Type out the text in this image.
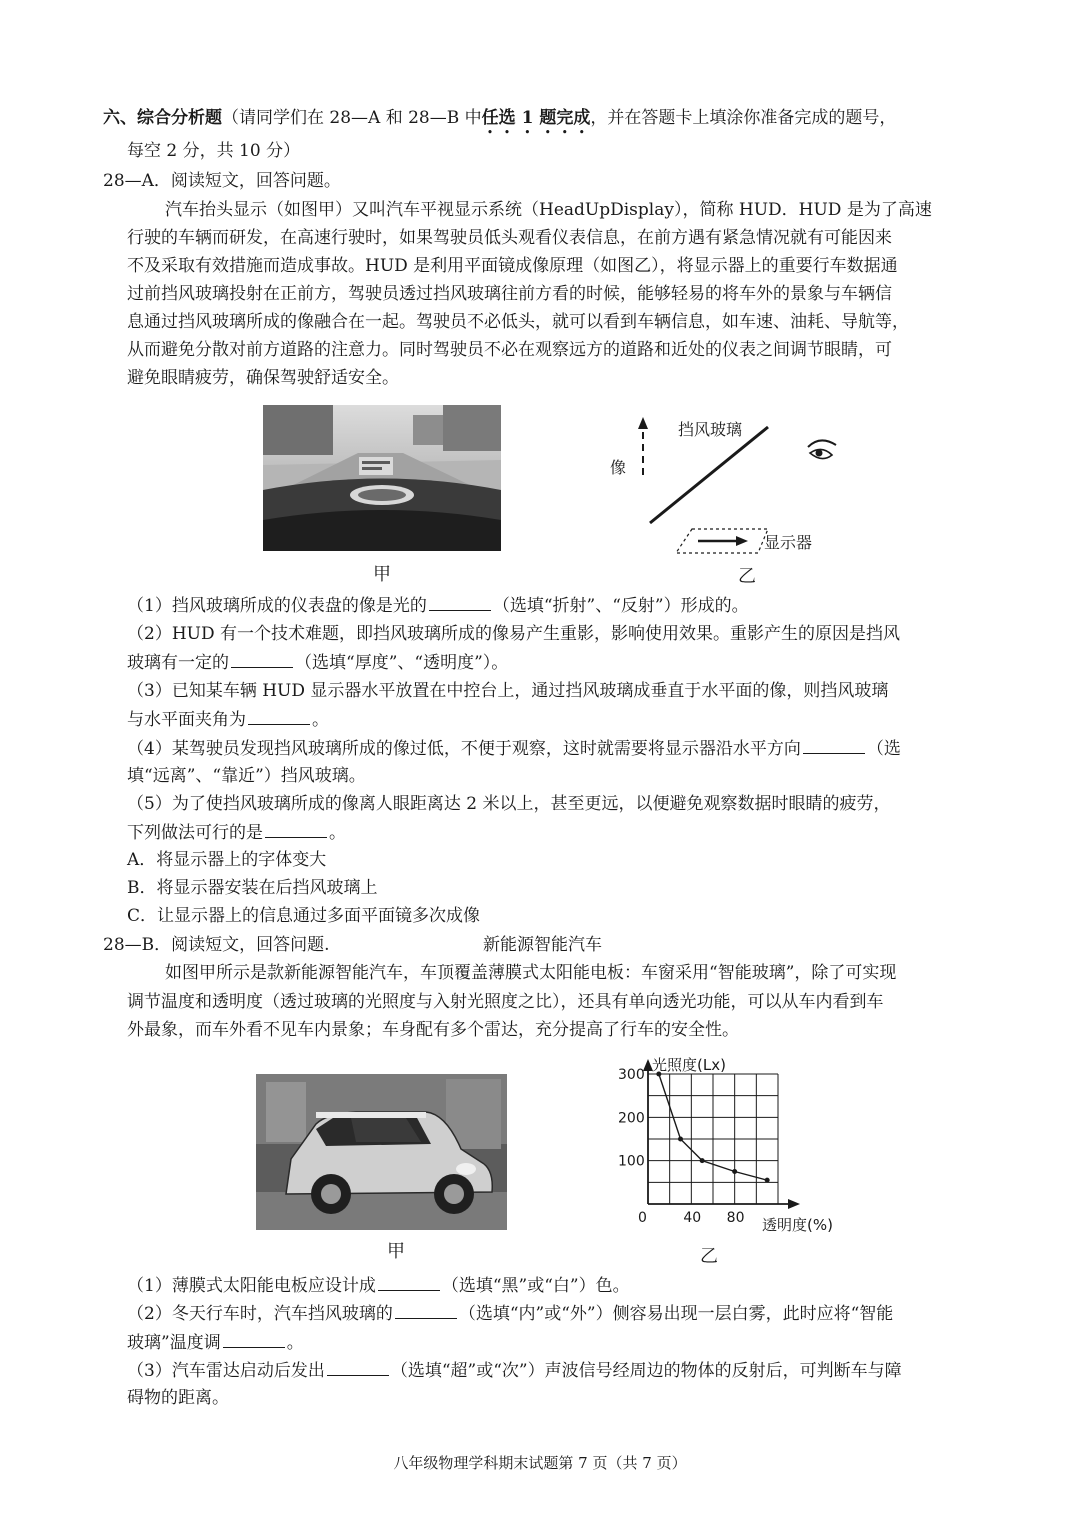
六、综合分析题（请同学们在 28—A 和 28—B 中任选 1 题完成，并在答题卡上填涂你准备完成的题号，
每空 2 分，共 10 分）
28—A．阅读短文，回答问题。
汽车抬头显示（如图甲）又叫汽车平视显示系统（HeadUpDisplay），简称 HUD．HUD 是为了高速
行驶的车辆而研发，在高速行驶时，如果驾驶员低头观看仪表信息，在前方遇有紧急情况就有可能因来
不及采取有效措施而造成事故。HUD 是利用平面镜成像原理（如图乙），将显示器上的重要行车数据通
过前挡风玻璃投射在正前方，驾驶员透过挡风玻璃往前方看的时候，能够轻易的将车外的景象与车辆信
息通过挡风玻璃所成的像融合在一起。驾驶员不必低头，就可以看到车辆信息，如车速、油耗、导航等，
从而避免分散对前方道路的注意力。同时驾驶员不必在观察远方的道路和近处的仪表之间调节眼睛，可
避免眼睛疲劳，确保驾驶舒适安全。
甲
挡风玻璃
像
显示器
乙
（1）挡风玻璃所成的仪表盘的像是光的	（选填“折射”、“反射”）形成的。
（2）HUD 有一个技术难题，即挡风玻璃所成的像易产生重影，影响使用效果。重影产生的原因是挡风
玻璃有一定的	（选填“厚度”、“透明度”）。
（3）已知某车辆 HUD 显示器水平放置在中控台上，通过挡风玻璃成垂直于水平面的像，则挡风玻璃
与水平面夹角为	。
（4）某驾驶员发现挡风玻璃所成的像过低，不便于观察，这时就需要将显示器沿水平方向	（选
填“远离”、“靠近”）挡风玻璃。
（5）为了使挡风玻璃所成的像离人眼距离达 2 米以上，甚至更远，以便避免观察数据时眼睛的疲劳，
下列做法可行的是	。
A．将显示器上的字体变大
B．将显示器安装在后挡风玻璃上
C．让显示器上的信息通过多面平面镜多次成像
28—B．阅读短文，回答问题.	新能源智能汽车
如图甲所示是款新能源智能汽车，车顶覆盖薄膜式太阳能电板：车窗采用“智能玻璃”，除了可实现
调节温度和透明度（透过玻璃的光照度与入射光照度之比），还具有单向透光功能，可以从车内看到车
外最象，而车外看不见车内景象；车身配有多个雷达，充分提高了行车的安全性。
甲
100
200
300
40 80
光照度(Lx)
透明度(%)
0
乙
（1）薄膜式太阳能电板应设计成	（选填“黑”或“白”）色。
（2）冬天行车时，汽车挡风玻璃的	（选填“内”或“外”）侧容易出现一层白雾，此时应将“智能
玻璃”温度调	。
（3）汽车雷达启动后发出	（选填“超”或“次”）声波信号经周边的物体的反射后，可判断车与障
碍物的距离。
八年级物理学科期末试题第 7 页（共 7 页）
